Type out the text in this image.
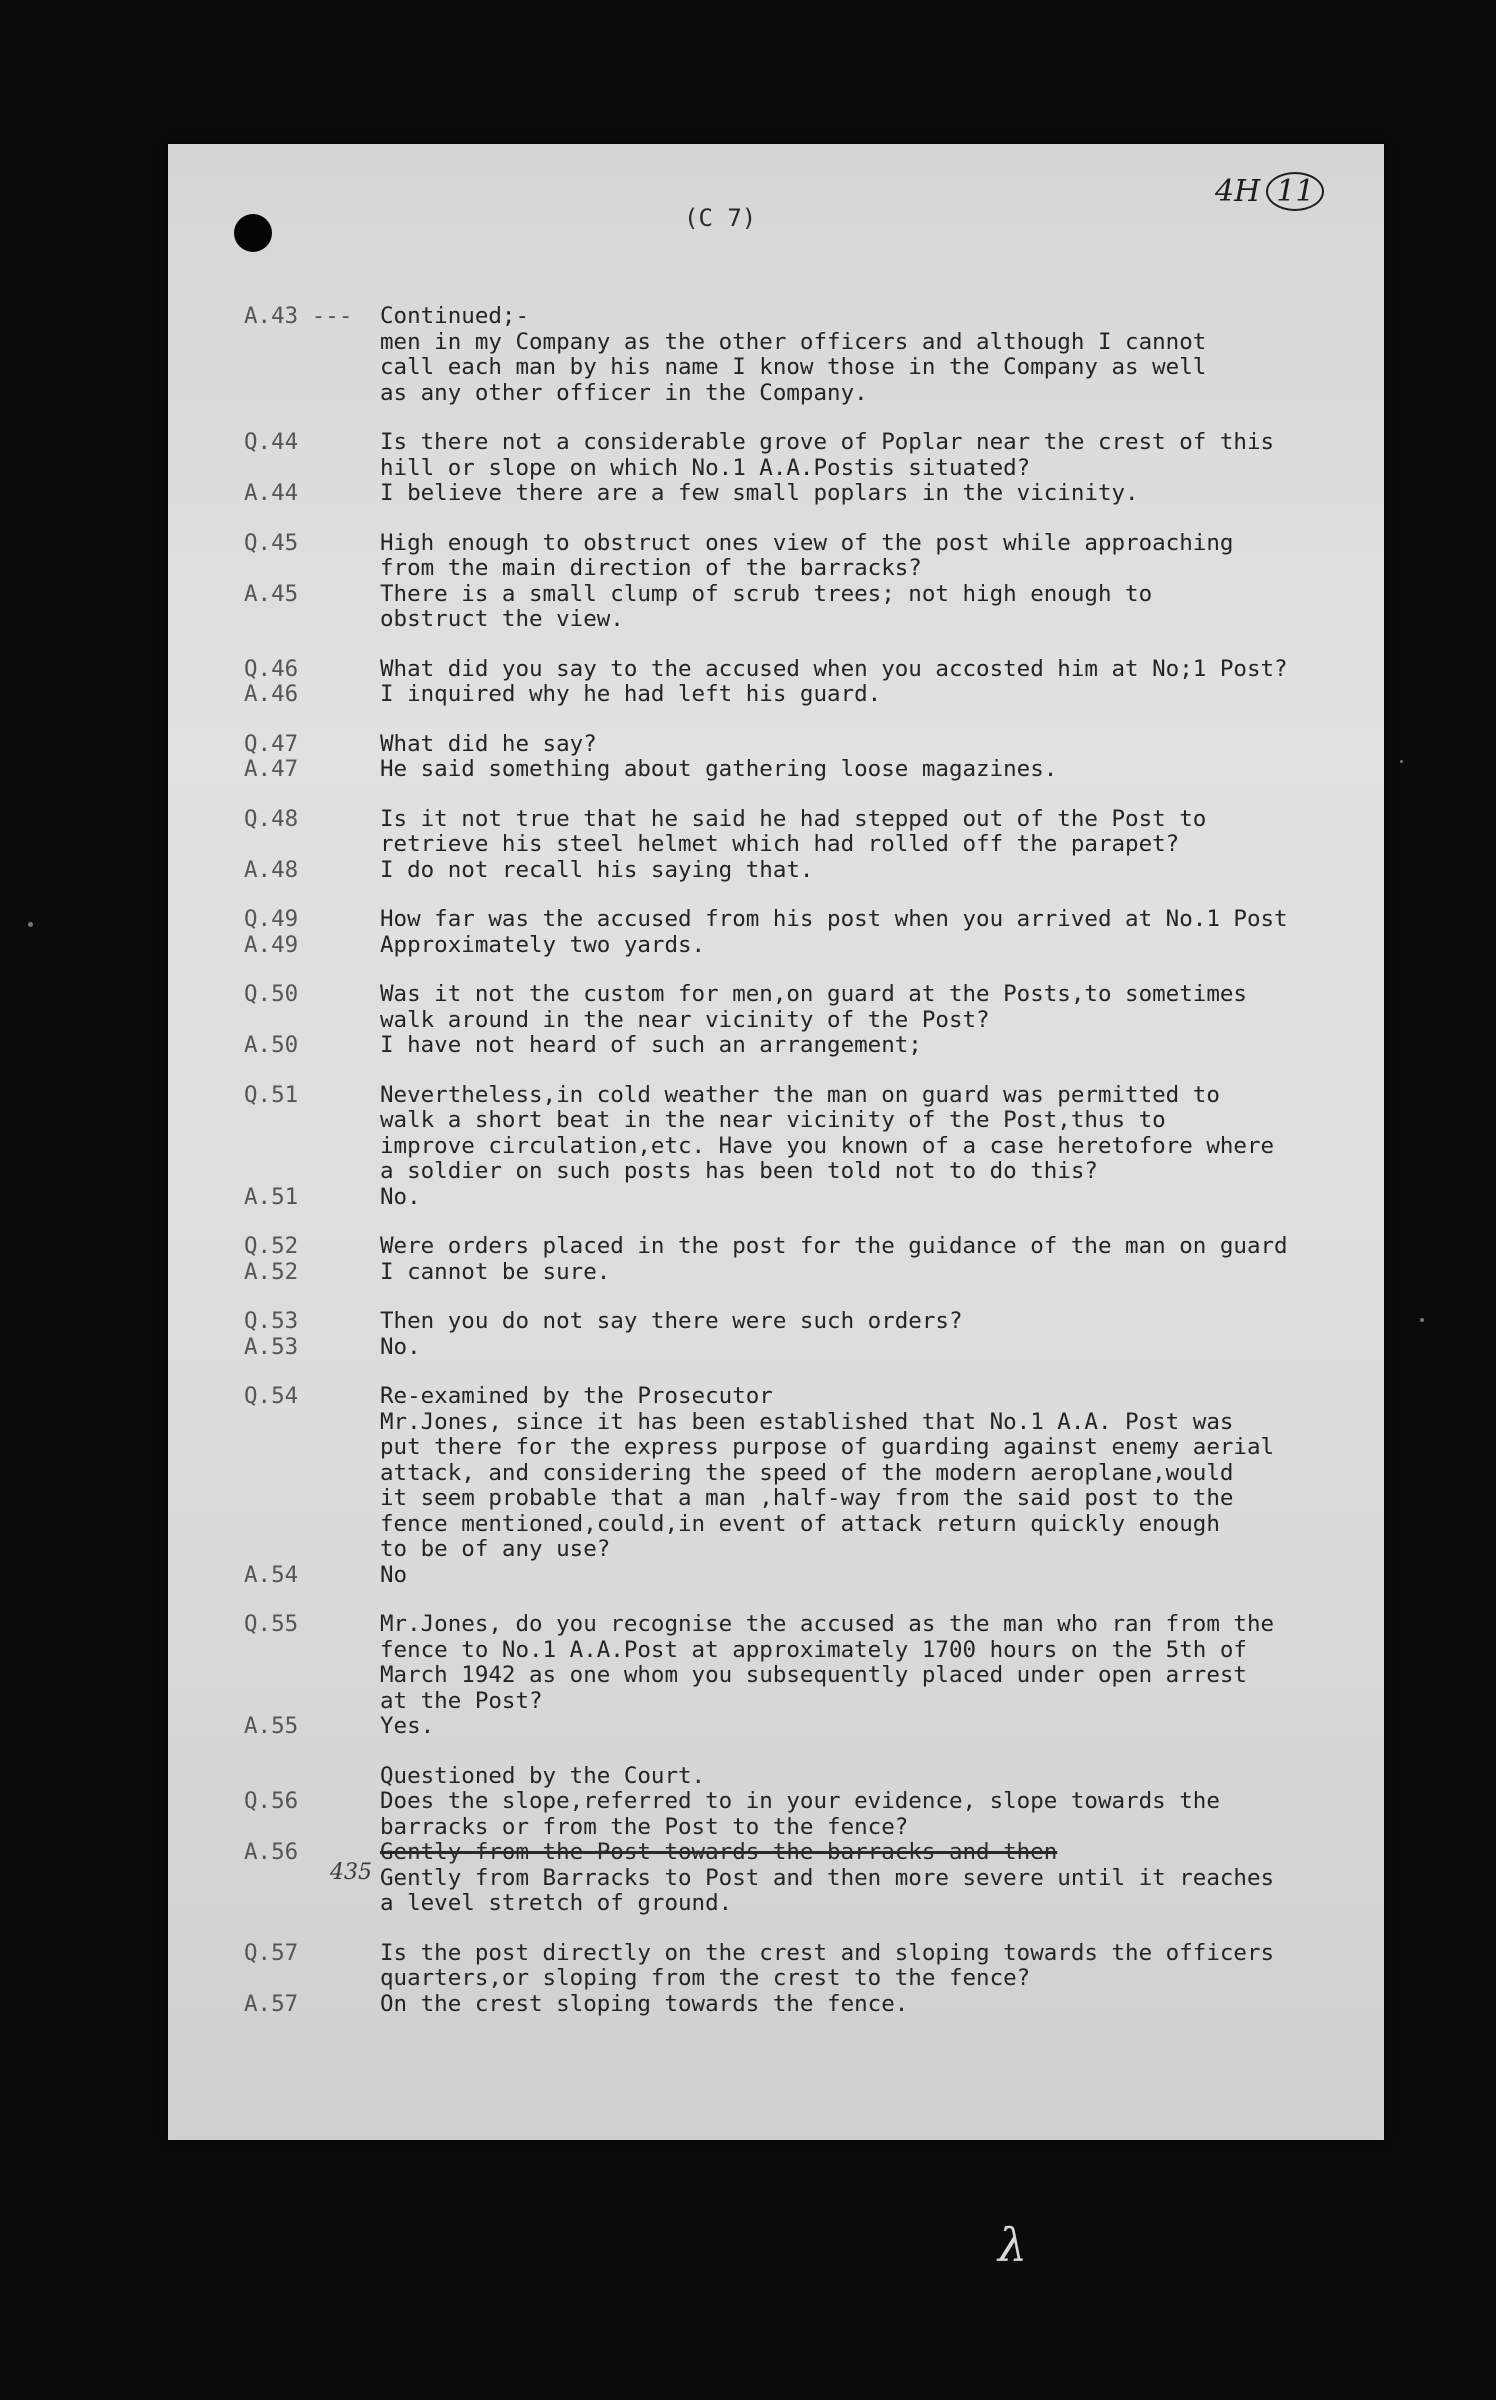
(C 7)
4H 11
A.43 ---	Continued;-
men in my Company as the other officers and although I cannot
call each man by his name I know those in the Company as well
as any other officer in the Company.
Q.44
A.44
Is there not a considerable grove of Poplar near the crest of this
hill or slope on which No.1 A.A.Postis situated?
I believe there are a few small poplars in the vicinity.
Q.45
A.45
High enough to obstruct ones view of the post while approaching
from the main direction of the barracks?
There is a small clump of scrub trees; not high enough to
obstruct the view.
Q.46
A.46
What did you say to the accused when you accosted him at No;1 Post?
I inquired why he had left his guard.
Q.47
A.47
What did he say?
He said something about gathering loose magazines.
Q.48
A.48
Is it not true that he said he had stepped out of the Post to
retrieve his steel helmet which had rolled off the parapet?
I do not recall his saying that.
Q.49
A.49
How far was the accused from his post when you arrived at No.1 Post
Approximately two yards.
Q.50
A.50
Was it not the custom for men,on guard at the Posts,to sometimes
walk around in the near vicinity of the Post?
I have not heard of such an arrangement;
Q.51
A.51
Nevertheless,in cold weather the man on guard was permitted to
walk a short beat in the near vicinity of the Post,thus to
improve circulation,etc. Have you known of a case heretofore where
a soldier on such posts has been told not to do this?
No.
Q.52
A.52
Were orders placed in the post for the guidance of the man on guard
I cannot be sure.
Q.53
A.53
Then you do not say there were such orders?
No.
Q.54
A.54
Re-examined by the Prosecutor
Mr.Jones, since it has been established that No.1 A.A. Post was
put there for the express purpose of guarding against enemy aerial
attack, and considering the speed of the modern aeroplane,would
it seem probable that a man ,half-way from the said post to the
fence mentioned,could,in event of attack return quickly enough
to be of any use?
No
Q.55
A.55
Mr.Jones, do you recognise the accused as the man who ran from the
fence to No.1 A.A.Post at approximately 1700 hours on the 5th of
March 1942 as one whom you subsequently placed under open arrest
at the Post?
Yes.
Q.56
A.56
Questioned by the Court.
Does the slope,referred to in your evidence, slope towards the
barracks or from the Post to the fence?
Gently from the Post towards the barracks and then
Gently from Barracks to Post and then more severe until it reaches
a level stretch of ground.
Q.57
A.57
Is the post directly on the crest and sloping towards the officers
quarters,or sloping from the crest to the fence?
On the crest sloping towards the fence.
435
λ
